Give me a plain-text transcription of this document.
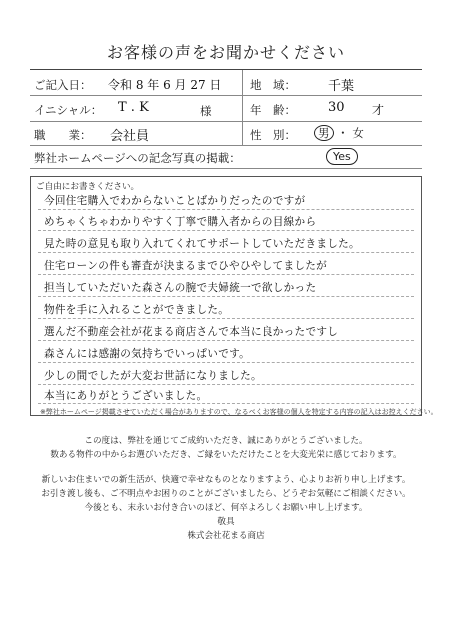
お客様の声をお聞かせください
ご記入日： 令和 8 年 6 月 27 日 地　域： 千葉
イニシャル： T . K	様	年　齢： 30 才
職　　業： 会社員	性　別：	男 ・ 女
弊社ホームページへの記念写真の掲載：	Yes
ご自由にお書きください。
今回住宅購入でわからないことばかりだったのですが
めちゃくちゃわかりやすく丁寧で購入者からの目線から
見た時の意見も取り入れてくれてサポートしていただきました。
住宅ローンの件も審査が決まるまでひやひやしてましたが
担当していただいた森さんの腕で夫婦統一で欲しかった
物件を手に入れることができました。
選んだ不動産会社が花まる商店さんで本当に良かったですし
森さんには感謝の気持ちでいっぱいです。
少しの間でしたが大変お世話になりました。
本当にありがとうございました。
※弊社ホームページ掲載させていただく場合がありますので、なるべくお客様の個人を特定する内容の記入はお控えください。
この度は、弊社を通じてご成約いただき、誠にありがとうございました。
数ある物件の中からお選びいただき、ご縁をいただけたことを大変光栄に感じております。
新しいお住まいでの新生活が、快適で幸せなものとなりますよう、心よりお祈り申し上げます。
お引き渡し後も、ご不明点やお困りのことがございましたら、どうぞお気軽にご相談ください。
今後とも、末永いお付き合いのほど、何卒よろしくお願い申し上げます。
敬具
株式会社花まる商店
